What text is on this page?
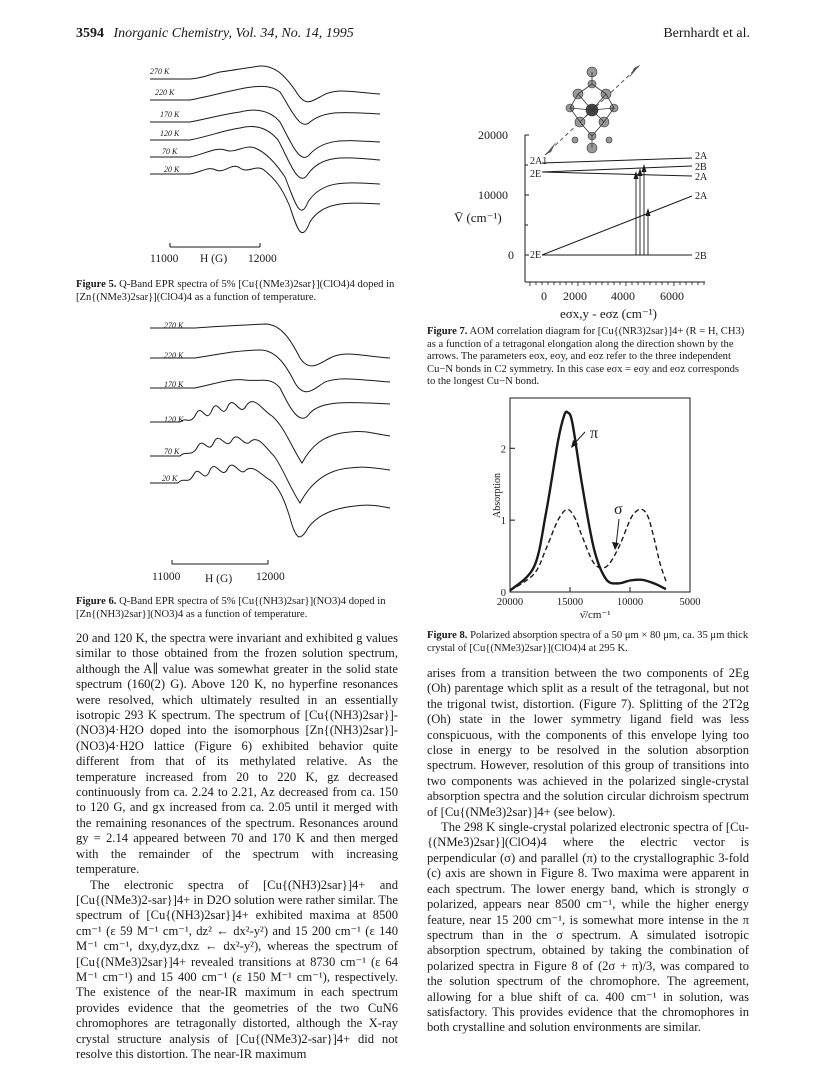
3594 Inorganic Chemistry, Vol. 34, No. 14, 1995	Bernhardt et al.
270 K
220 K
170 K
120 K
70 K
20 K
11000 H (G) 12000
Figure 5. Q-Band EPR spectra of 5% [Cu{(NMe3)2sar}](ClO4)4 doped in [Zn{(NMe3)2sar}](ClO4)4 as a function of temperature.
270 K
220 K
170 K
120 K
70 K
20 K
11000 H (G) 12000
Figure 6. Q-Band EPR spectra of 5% [Cu{(NH3)2sar}](NO3)4 doped in [Zn{(NH3)2sar}](NO3)4 as a function of temperature.
20000
10000
0
V̄ (cm⁻¹)
0 2000 4000 6000
eσx,y - eσz (cm⁻¹)
2A1
2E
2E
2A
2B
2A
2A
2B
Figure 7. AOM correlation diagram for [Cu{(NR3)2sar}]4+ (R = H, CH3) as a function of a tetragonal elongation along the direction shown by the arrows. The parameters eσx, eσy, and eσz refer to the three independent Cu−N bonds in C2 symmetry. In this case eσx = eσy and eσz corresponds to the longest Cu−N bond.
20000	15000	10000	5000
0
1
2
Absorption
ν̄/cm⁻¹
π
σ
Figure 8. Polarized absorption spectra of a 50 μm × 80 μm, ca. 35 μm thick crystal of [Cu{(NMe3)2sar}](ClO4)4 at 295 K.

20 and 120 K, the spectra were invariant and exhibited g values similar to those obtained from the frozen solution spectrum, although the A∥ value was somewhat greater in the solid state spectrum (160(2) G). Above 120 K, no hyperfine resonances were resolved, which ultimately resulted in an essentially isotropic 293 K spectrum. The spectrum of [Cu{(NH3)2sar}]-(NO3)4·H2O doped into the isomorphous [Zn{(NH3)2sar}]-(NO3)4·H2O lattice (Figure 6) exhibited behavior quite different from that of its methylated relative. As the temperature increased from 20 to 220 K, gz decreased continuously from ca. 2.24 to 2.21, Az decreased from ca. 150 to 120 G, and gx increased from ca. 2.05 until it merged with the remaining resonances of the spectrum. Resonances around gy = 2.14 appeared between 70 and 170 K and then merged with the remainder of the spectrum with increasing temperature.

The electronic spectra of [Cu{(NH3)2sar}]4+ and [Cu{(NMe3)2-sar}]4+ in D2O solution were rather similar. The spectrum of [Cu{(NH3)2sar}]4+ exhibited maxima at 8500 cm⁻¹ (ε 59 M⁻¹ cm⁻¹, dz² ← dx²-y²) and 15 200 cm⁻¹ (ε 140 M⁻¹ cm⁻¹, dxy,dyz,dxz ← dx²-y²), whereas the spectrum of [Cu{(NMe3)2sar}]4+ revealed transitions at 8730 cm⁻¹ (ε 64 M⁻¹ cm⁻¹) and 15 400 cm⁻¹ (ε 150 M⁻¹ cm⁻¹), respectively. The existence of the near-IR maximum in each spectrum provides evidence that the geometries of the two CuN6 chromophores are tetragonally distorted, although the X-ray crystal structure analysis of [Cu{(NMe3)2-sar}]4+ did not resolve this distortion. The near-IR maximum

arises from a transition between the two components of 2Eg (Oh) parentage which split as a result of the tetragonal, but not the trigonal twist, distortion. (Figure 7). Splitting of the 2T2g (Oh) state in the lower symmetry ligand field was less conspicuous, with the components of this envelope lying too close in energy to be resolved in the solution absorption spectrum. However, resolution of this group of transitions into two components was achieved in the polarized single-crystal absorption spectra and the solution circular dichroism spectrum of [Cu{(NMe3)2sar}]4+ (see below).

The 298 K single-crystal polarized electronic spectra of [Cu-{(NMe3)2sar}](ClO4)4 where the electric vector is perpendicular (σ) and parallel (π) to the crystallographic 3-fold (c) axis are shown in Figure 8. Two maxima were apparent in each spectrum. The lower energy band, which is strongly σ polarized, appears near 8500 cm⁻¹, while the higher energy feature, near 15 200 cm⁻¹, is somewhat more intense in the π spectrum than in the σ spectrum. A simulated isotropic absorption spectrum, obtained by taking the combination of polarized spectra in Figure 8 of (2σ + π)/3, was compared to the solution spectrum of the chromophore. The agreement, allowing for a blue shift of ca. 400 cm⁻¹ in solution, was satisfactory. This provides evidence that the chromophores in both crystalline and solution environments are similar.
